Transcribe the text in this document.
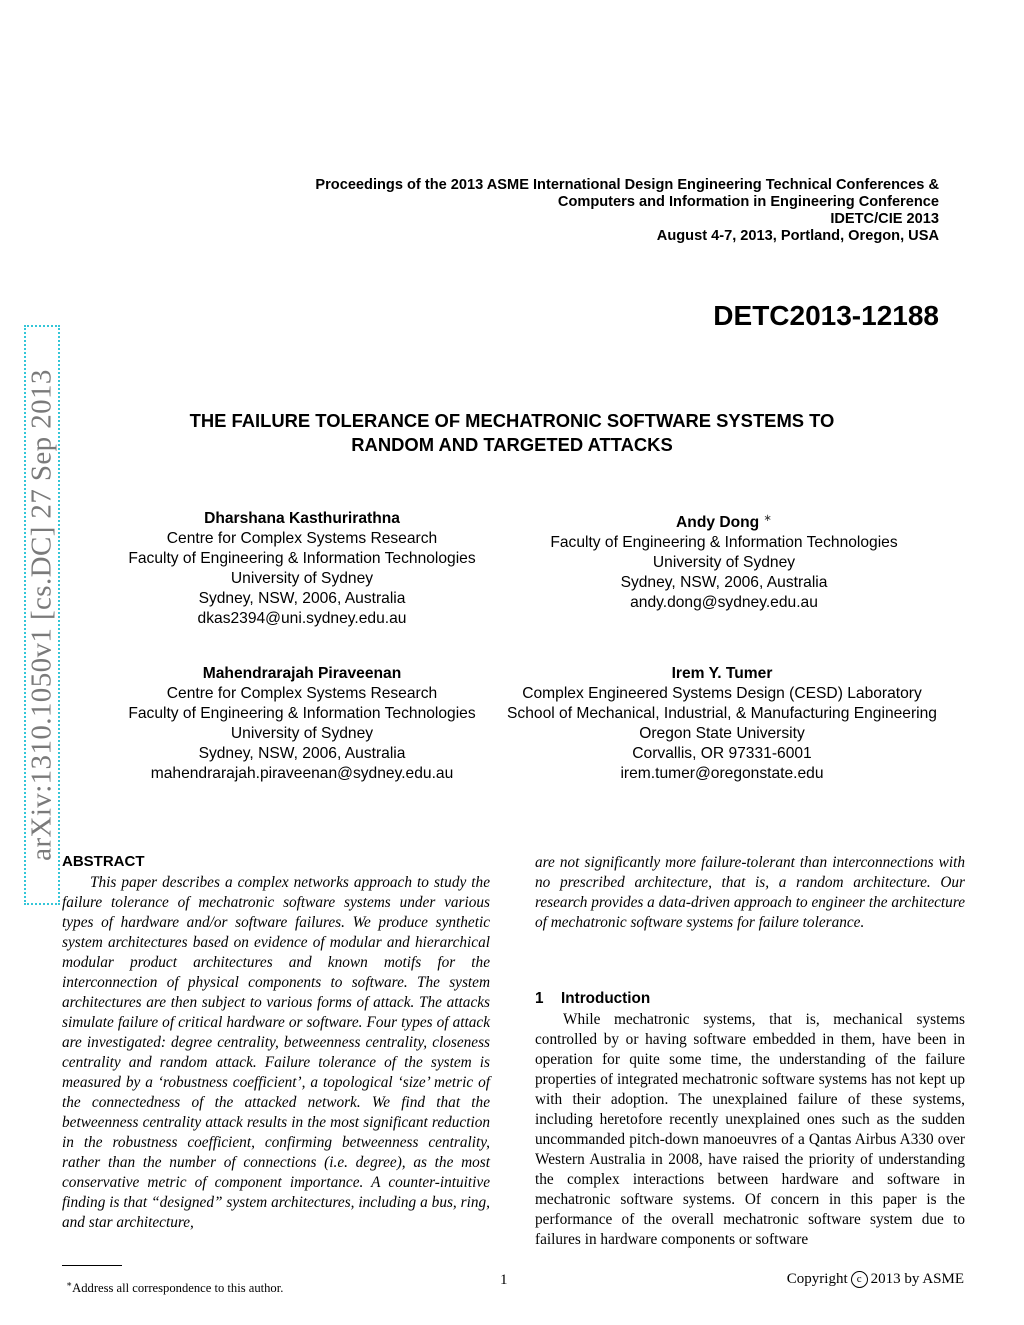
arXiv:1310.1050v1 [cs.DC] 27 Sep 2013
Proceedings of the 2013 ASME International Design Engineering Technical Conferences &
Computers and Information in Engineering Conference
IDETC/CIE 2013
August 4-7, 2013, Portland, Oregon, USA
DETC2013-12188
THE FAILURE TOLERANCE OF MECHATRONIC SOFTWARE SYSTEMS TO
RANDOM AND TARGETED ATTACKS
Dharshana Kasthurirathna
Centre for Complex Systems Research
Faculty of Engineering & Information Technologies
University of Sydney
Sydney, NSW, 2006, Australia
dkas2394@uni.sydney.edu.au
Andy Dong ∗
Faculty of Engineering & Information Technologies
University of Sydney
Sydney, NSW, 2006, Australia
andy.dong@sydney.edu.au
Mahendrarajah Piraveenan
Centre for Complex Systems Research
Faculty of Engineering & Information Technologies
University of Sydney
Sydney, NSW, 2006, Australia
mahendrarajah.piraveenan@sydney.edu.au
Irem Y. Tumer
Complex Engineered Systems Design (CESD) Laboratory
School of Mechanical, Industrial, & Manufacturing Engineering
Oregon State University
Corvallis, OR 97331-6001
irem.tumer@oregonstate.edu
ABSTRACT
This paper describes a complex networks approach to study the failure tolerance of mechatronic software systems under various types of hardware and/or software failures. We produce synthetic system architectures based on evidence of modular and hierarchical modular product architectures and known motifs for the interconnection of physical components to software. The system architectures are then subject to various forms of attack. The attacks simulate failure of critical hardware or software. Four types of attack are investigated: degree centrality, betweenness centrality, closeness centrality and random attack. Failure tolerance of the system is measured by a ‘robustness coefficient’, a topological ‘size’ metric of the connectedness of the attacked network. We find that the betweenness centrality attack results in the most significant reduction in the robustness coefficient, confirming betweenness centrality, rather than the number of connections (i.e. degree), as the most conservative metric of component importance. A counter-intuitive finding is that “designed” system architectures, including a bus, ring, and star architecture,
are not significantly more failure-tolerant than interconnections with no prescribed architecture, that is, a random architecture. Our research provides a data-driven approach to engineer the architecture of mechatronic software systems for failure tolerance.
1 Introduction
While mechatronic systems, that is, mechanical systems controlled by or having software embedded in them, have been in operation for quite some time, the understanding of the failure properties of integrated mechatronic software systems has not kept up with their adoption. The unexplained failure of these systems, including heretofore recently unexplained ones such as the sudden uncommanded pitch-down manoeuvres of a Qantas Airbus A330 over Western Australia in 2008, have raised the priority of understanding the complex interactions between hardware and software in mechatronic software systems. Of concern in this paper is the performance of the overall mechatronic software system due to failures in hardware components or software
∗Address all correspondence to this author.
1	Copyright c 2013 by ASME
